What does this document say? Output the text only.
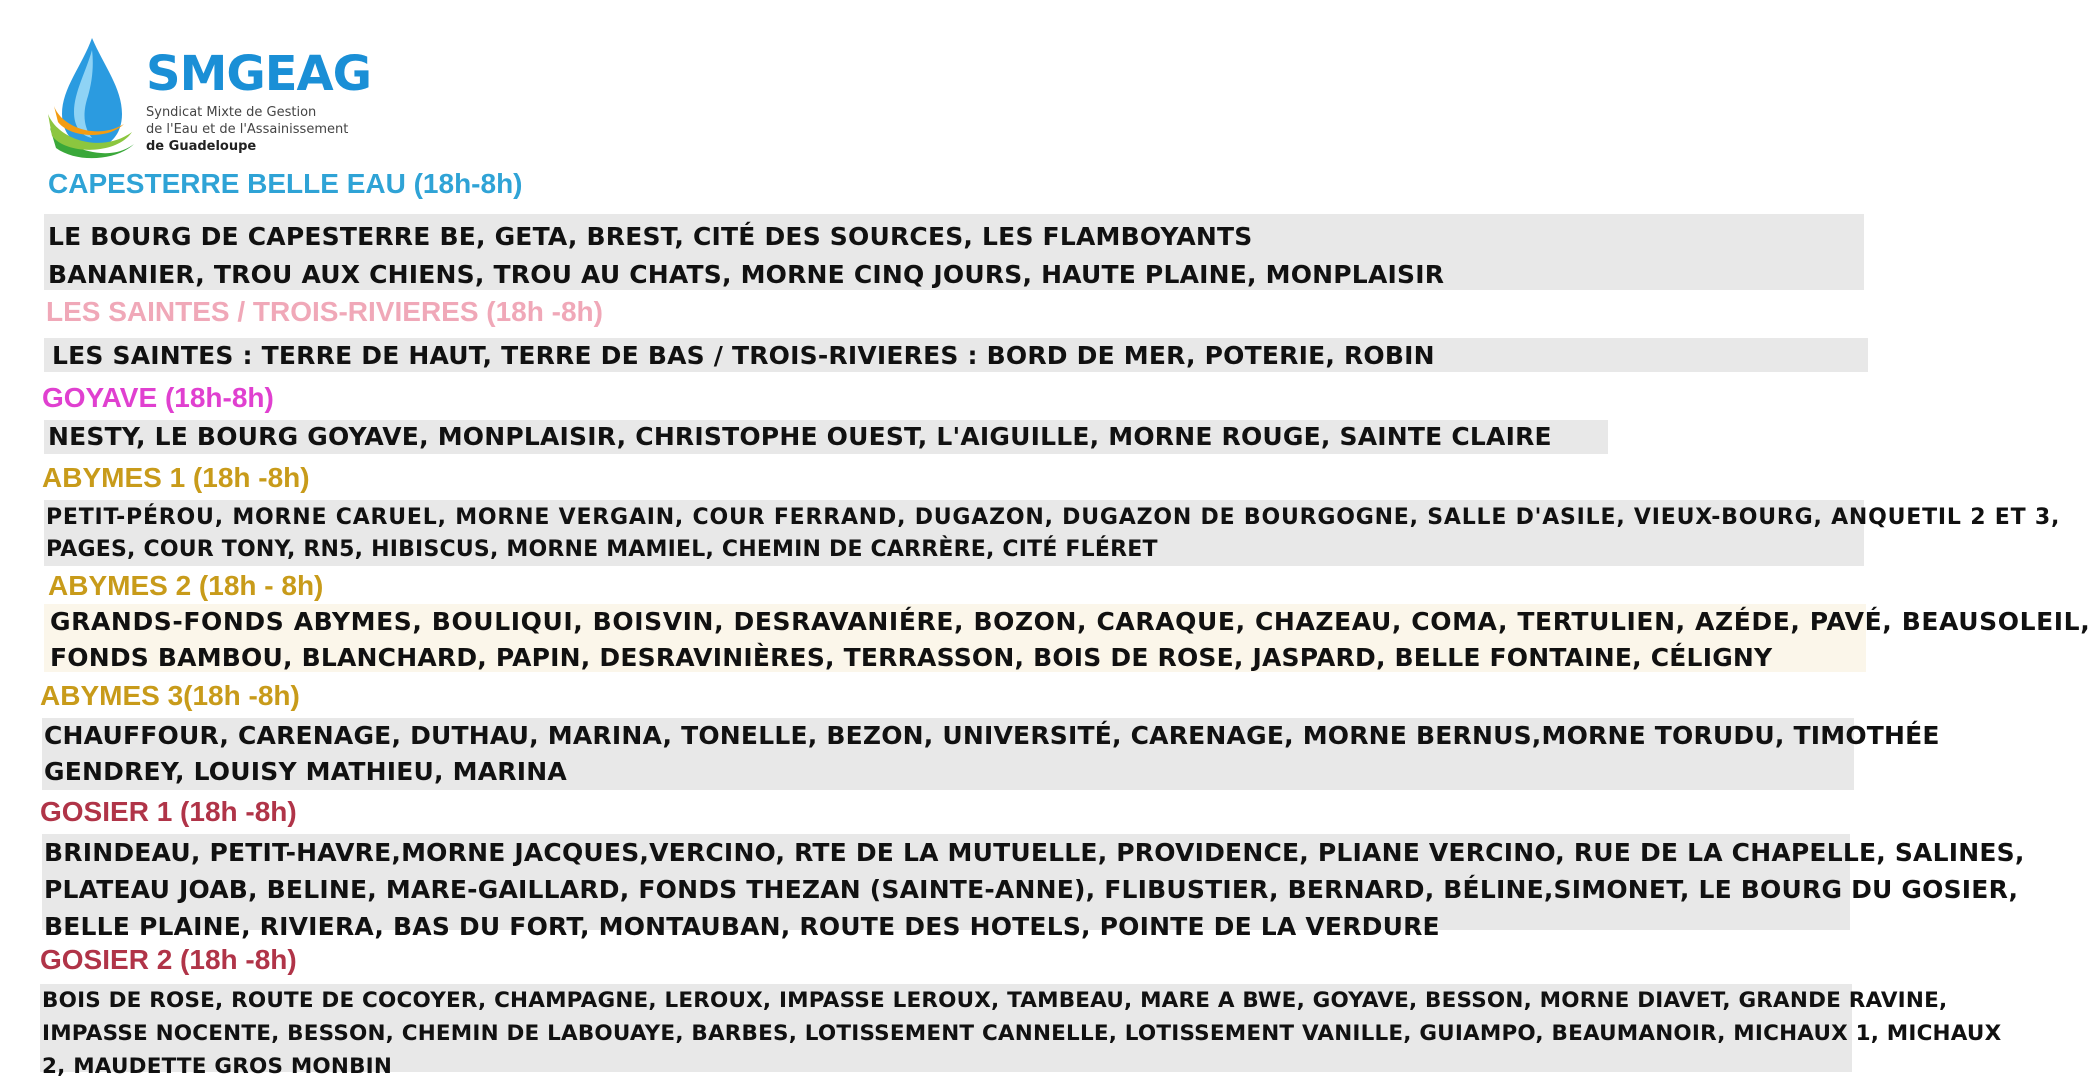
SMGEAG
Syndicat Mixte de Gestion
de l'Eau et de l'Assainissement
de Guadeloupe
CAPESTERRE BELLE EAU (18h-8h)
LE BOURG DE CAPESTERRE BE, GETA, BREST, CITÉ DES SOURCES, LES FLAMBOYANTS
BANANIER, TROU AUX CHIENS, TROU AU CHATS, MORNE CINQ JOURS, HAUTE PLAINE, MONPLAISIR
LES SAINTES / TROIS-RIVIERES (18h -8h)
LES SAINTES : TERRE DE HAUT, TERRE DE BAS / TROIS-RIVIERES : BORD DE MER, POTERIE, ROBIN
GOYAVE (18h-8h)
NESTY, LE BOURG GOYAVE, MONPLAISIR, CHRISTOPHE OUEST, L'AIGUILLE, MORNE ROUGE, SAINTE CLAIRE
ABYMES 1 (18h -8h)
PETIT-PÉROU, MORNE CARUEL, MORNE VERGAIN, COUR FERRAND, DUGAZON, DUGAZON DE BOURGOGNE, SALLE D'ASILE, VIEUX-BOURG, ANQUETIL 2 ET 3,
PAGES, COUR TONY, RN5, HIBISCUS, MORNE MAMIEL, CHEMIN DE CARRÈRE, CITÉ FLÉRET
ABYMES 2 (18h - 8h)
GRANDS-FONDS ABYMES, BOULIQUI, BOISVIN, DESRAVANIÉRE, BOZON, CARAQUE, CHAZEAU, COMA, TERTULIEN, AZÉDE, PAVÉ, BEAUSOLEIL,
FONDS BAMBOU, BLANCHARD, PAPIN, DESRAVINIÈRES, TERRASSON, BOIS DE ROSE, JASPARD, BELLE FONTAINE, CÉLIGNY
ABYMES 3(18h -8h)
CHAUFFOUR, CARENAGE, DUTHAU, MARINA, TONELLE, BEZON, UNIVERSITÉ, CARENAGE, MORNE BERNUS,MORNE TORUDU, TIMOTHÉE
GENDREY, LOUISY MATHIEU, MARINA
GOSIER 1 (18h -8h)
BRINDEAU, PETIT-HAVRE,MORNE JACQUES,VERCINO, RTE DE LA MUTUELLE, PROVIDENCE, PLIANE VERCINO, RUE DE LA CHAPELLE, SALINES,
PLATEAU JOAB, BELINE, MARE-GAILLARD, FONDS THEZAN (SAINTE-ANNE), FLIBUSTIER, BERNARD, BÉLINE,SIMONET, LE BOURG DU GOSIER,
BELLE PLAINE, RIVIERA, BAS DU FORT, MONTAUBAN, ROUTE DES HOTELS, POINTE DE LA VERDURE
GOSIER 2 (18h -8h)
BOIS DE ROSE, ROUTE DE COCOYER, CHAMPAGNE, LEROUX, IMPASSE LEROUX, TAMBEAU, MARE A BWE, GOYAVE, BESSON, MORNE DIAVET, GRANDE RAVINE,
IMPASSE NOCENTE, BESSON, CHEMIN DE LABOUAYE, BARBES, LOTISSEMENT CANNELLE, LOTISSEMENT VANILLE, GUIAMPO, BEAUMANOIR, MICHAUX 1, MICHAUX
2, MAUDETTE GROS MONBIN
